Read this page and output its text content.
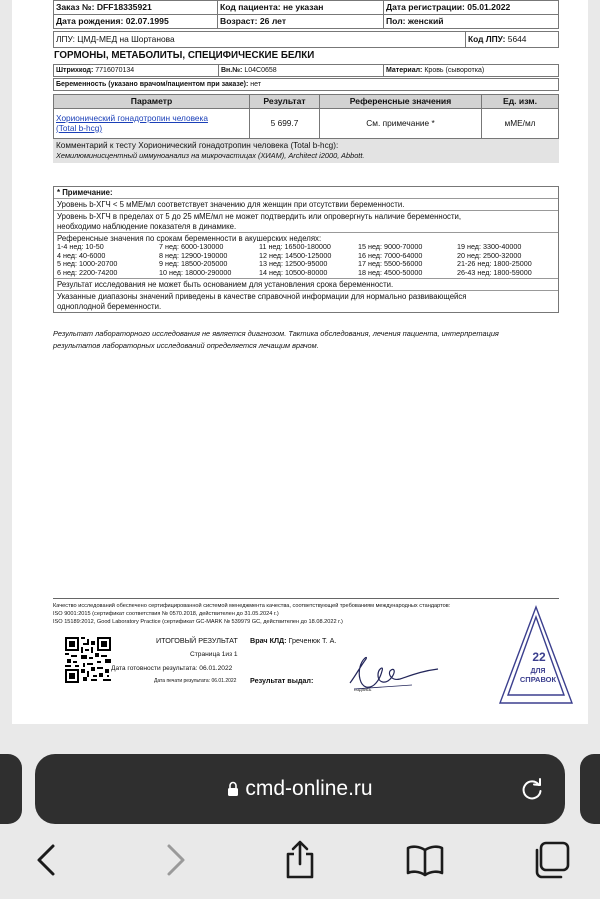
Заказ №: DFF18335921	Код пациента: не указан	Дата регистрации: 05.01.2022
Дата рождения: 02.07.1995	Возраст: 26 лет	Пол: женский
ЛПУ: ЦМД-МЕД на Шортанова	Код ЛПУ: 5644
ГОРМОНЫ, МЕТАБОЛИТЫ, СПЕЦИФИЧЕСКИЕ БЕЛКИ
Штрихкод: 7716070134	Вн.№: L04C0658	Материал: Кровь (сыворотка)
Беременность (указано врачом/пациентом при заказе): нет
Параметр	Результат	Референсные значения	Ед. изм.

Хорионический гонадотропин человека
(Total b-hcg)	5 699.7	См. примечание *	мМЕ/мл
Комментарий к тесту Хорионический гонадотропин человека (Total b-hcg):
Хемилюминисцентный иммуноанализ на микрочастицах (ХИАМ), Architect i2000, Abbott.
* Примечание:
Уровень b-ХГЧ < 5 мМЕ/мл соответствует значению для женщин при отсутствии беременности.
Уровень b-ХГЧ в пределах от 5 до 25 мМЕ/мл не может подтвердить или опровергнуть наличие беременности,
необходимо наблюдение показателя в динамике.
Референсные значения по срокам беременности в акушерских неделях:
1-4 нед: 10-50	7 нед: 6000-130000	11 нед: 16500-180000	15 нед: 9000-70000	19 нед: 3300-40000
4 нед: 40-6000	8 нед: 12900-190000	12 нед: 14500-125000	16 нед: 7000-64000	20 нед: 2500-32000
5 нед: 1000-20700	9 нед: 18500-205000	13 нед: 12500-95000	17 нед: 5500-56000	21-26 нед: 1800-25000
6 нед: 2200-74200	10 нед: 18000-290000	14 нед: 10500-80000	18 нед: 4500-50000	26-43 нед: 1800-59000
Результат исследования не может быть основанием для установления срока беременности.
Указанные диапазоны значений приведены в качестве справочной информации для нормально развивающейся
одноплодной беременности.
Результат лабораторного исследования не является диагнозом. Тактика обследования, лечения пациента, интерпретация
результатов лабораторных исследований определяется лечащим врачом.
Качество исследований обеспечено сертифицированной системой менеджмента качества, соответствующей требованиям международных стандартов:
ISO 9001:2015 (сертификат соответствия № 0570.2018, действителен до 31.05.2024 г.)
ISO 15189:2012, Good Laboratory Practice (сертификат GC-MARK № 539979 GC, действителен до 18.08.2022 г.)
ИТОГОВЫЙ РЕЗУЛЬТАТ Врач КЛД: Греченюк Т. А.
Страница 1из 1
Дата готовности результата: 06.01.2022
Дата печати результата: 06.01.2022 Результат выдал:
подпись
22
ДЛЯ
СПРАВОК
cmd-online.ru
